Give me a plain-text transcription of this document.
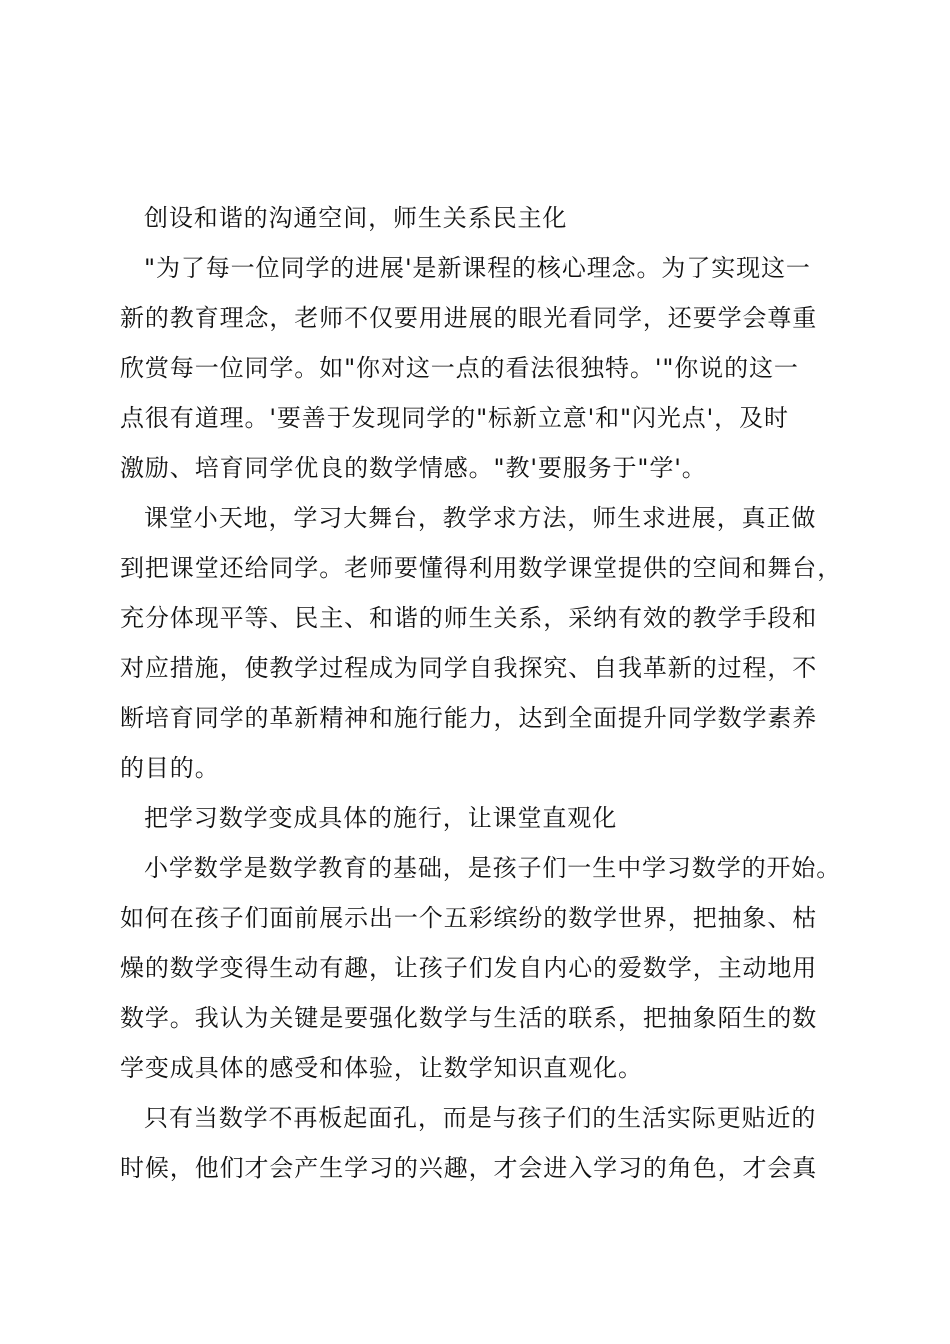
创设和谐的沟通空间，师生关系民主化
"为了每一位同学的进展'是新课程的核心理念。为了实现这一
新的教育理念，老师不仅要用进展的眼光看同学，还要学会尊重
欣赏每一位同学。如"你对这一点的看法很独特。'"你说的这一
点很有道理。'要善于发现同学的"标新立意'和"闪光点'，及时
激励、培育同学优良的数学情感。"教'要服务于"学'。
课堂小天地，学习大舞台，教学求方法，师生求进展，真正做
到把课堂还给同学。老师要懂得利用数学课堂提供的空间和舞台，
充分体现平等、民主、和谐的师生关系，采纳有效的教学手段和
对应措施，使教学过程成为同学自我探究、自我革新的过程，不
断培育同学的革新精神和施行能力，达到全面提升同学数学素养
的目的。
把学习数学变成具体的施行，让课堂直观化
小学数学是数学教育的基础，是孩子们一生中学习数学的开始。
如何在孩子们面前展示出一个五彩缤纷的数学世界，把抽象、枯
燥的数学变得生动有趣，让孩子们发自内心的爱数学，主动地用
数学。我认为关键是要强化数学与生活的联系，把抽象陌生的数
学变成具体的感受和体验，让数学知识直观化。
只有当数学不再板起面孔，而是与孩子们的生活实际更贴近的
时候，他们才会产生学习的兴趣，才会进入学习的角色，才会真
